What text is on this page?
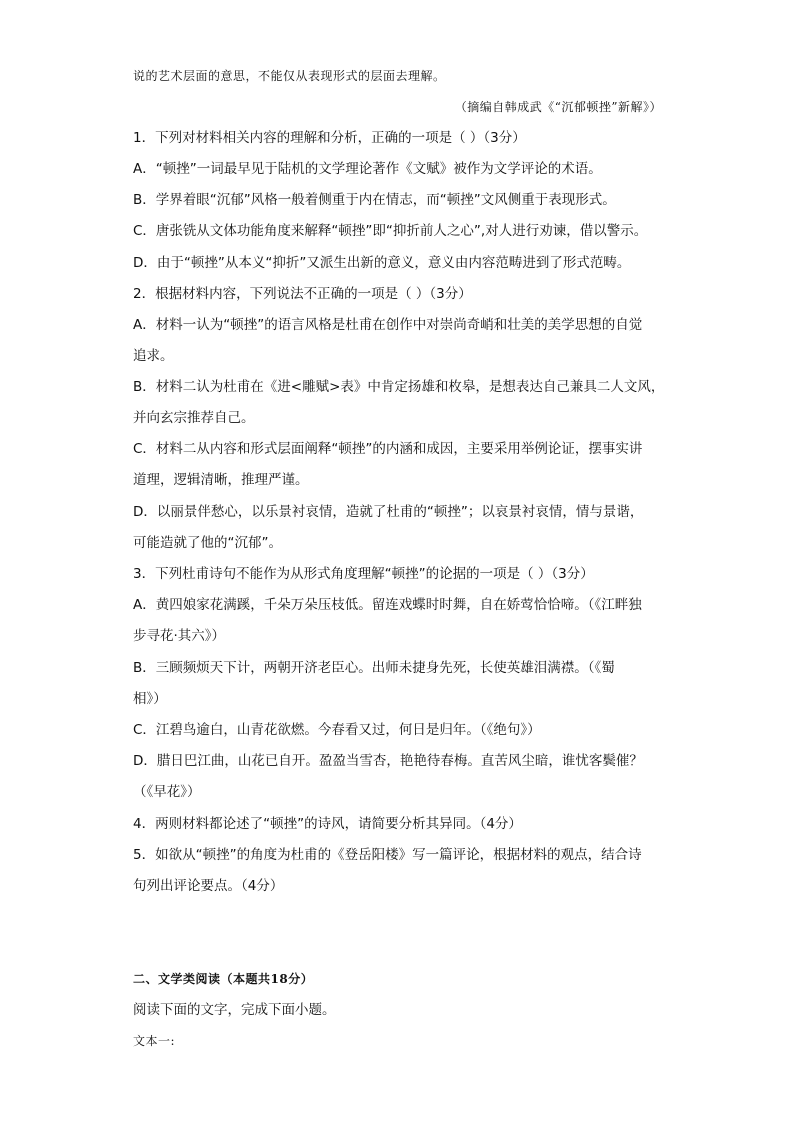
说的艺术层面的意思，不能仅从表现形式的层面去理解。
（摘编自韩成武《“沉郁顿挫”新解》）
1．下列对材料相关内容的理解和分析，正确的一项是（ ）（3分）
A．“顿挫”一词最早见于陆机的文学理论著作《文赋》被作为文学评论的术语。
B．学界着眼“沉郁”风格一般着侧重于内在情志，而“顿挫”文风侧重于表现形式。
C．唐张铣从文体功能角度来解释“顿挫”即“抑折前人之心”,对人进行劝谏，借以警示。
D．由于“顿挫”从本义“抑折”又派生出新的意义，意义由内容范畴进到了形式范畴。
2．根据材料内容，下列说法不正确的一项是（ ）（3分）
A．材料一认为“顿挫”的语言风格是杜甫在创作中对崇尚奇峭和壮美的美学思想的自觉
追求。
B．材料二认为杜甫在《进<雕赋>表》中肯定扬雄和枚皋，是想表达自己兼具二人文风，
并向玄宗推荐自己。
C．材料二从内容和形式层面阐释“顿挫”的内涵和成因，主要采用举例论证，摆事实讲
道理，逻辑清晰，推理严谨。
D．以丽景伴愁心，以乐景衬哀情，造就了杜甫的“顿挫”；以哀景衬哀情，情与景谐，
可能造就了他的“沉郁”。
3．下列杜甫诗句不能作为从形式角度理解“顿挫”的论据的一项是（ ）（3分）
A．黄四娘家花满蹊，千朵万朵压枝低。留连戏蝶时时舞，自在娇莺恰恰啼。（《江畔独
步寻花·其六》）
B．三顾频烦天下计，两朝开济老臣心。出师未捷身先死，长使英雄泪满襟。（《蜀
相》）
C．江碧鸟逾白，山青花欲燃。今春看又过，何日是归年。（《绝句》）
D．腊日巴江曲，山花已自开。盈盈当雪杏，艳艳待春梅。直苦风尘暗，谁忧客鬓催？
（《早花》）
4．两则材料都论述了“顿挫”的诗风，请简要分析其异同。（4分）
5．如欲从“顿挫”的角度为杜甫的《登岳阳楼》写一篇评论，根据材料的观点，结合诗
句列出评论要点。（4分）
二、文学类阅读（本题共18分）
阅读下面的文字，完成下面小题。
文本一:
